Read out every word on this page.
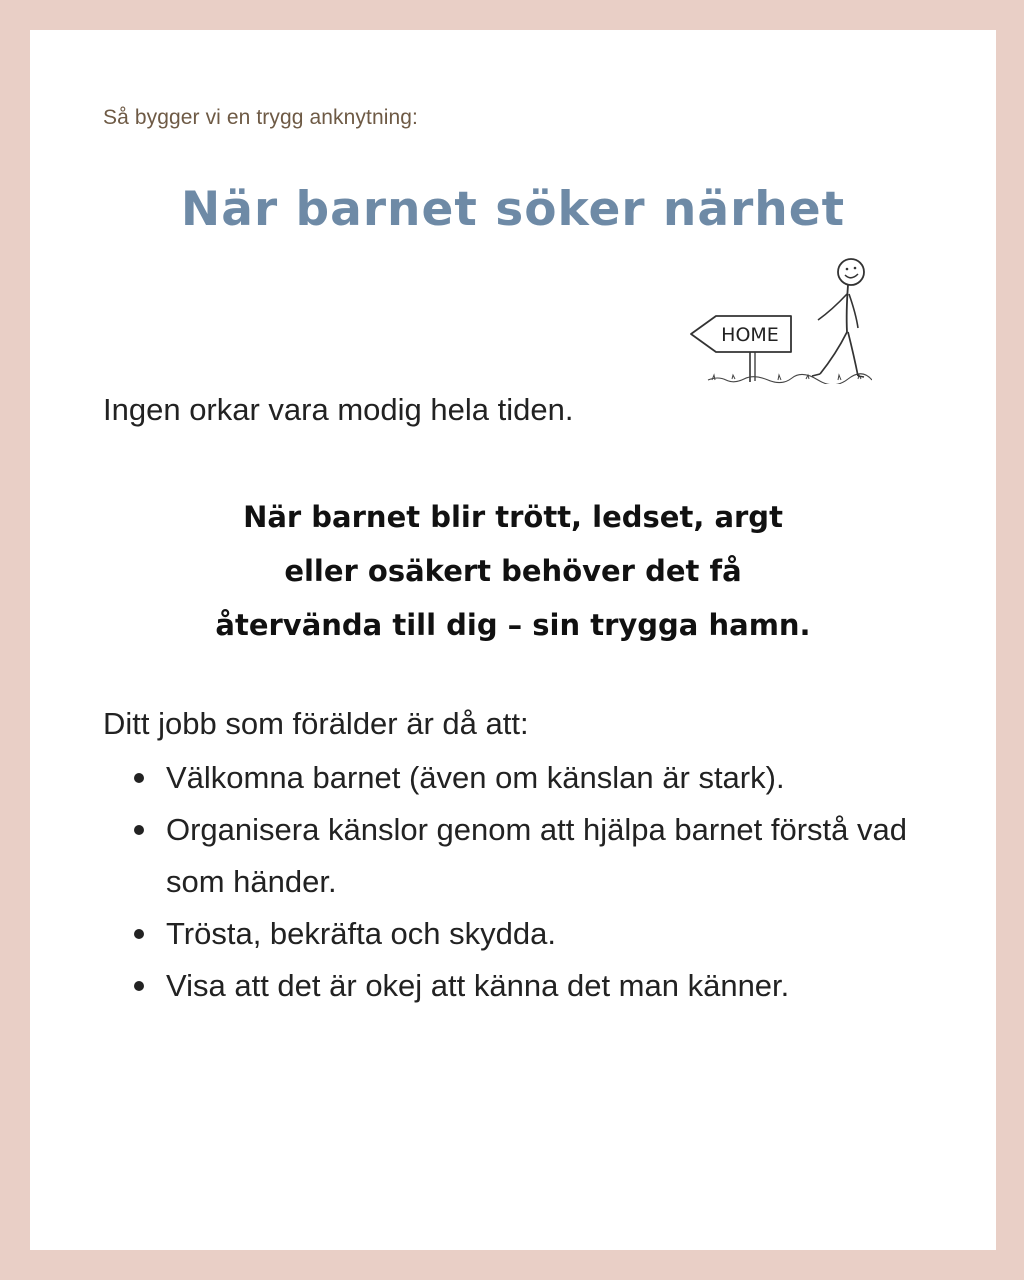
Så bygger vi en trygg anknytning:

När barnet söker närhet
HOME

Ingen orkar vara modig hela tiden.

När barnet blir trött, ledset, argt
eller osäkert behöver det få
återvända till dig – sin trygga hamn.

Ditt jobb som förälder är då att:

Välkomna barnet (även om känslan är stark).
Organisera känslor genom att hjälpa barnet förstå vad som händer.
Trösta, bekräfta och skydda.
Visa att det är okej att känna det man känner.
